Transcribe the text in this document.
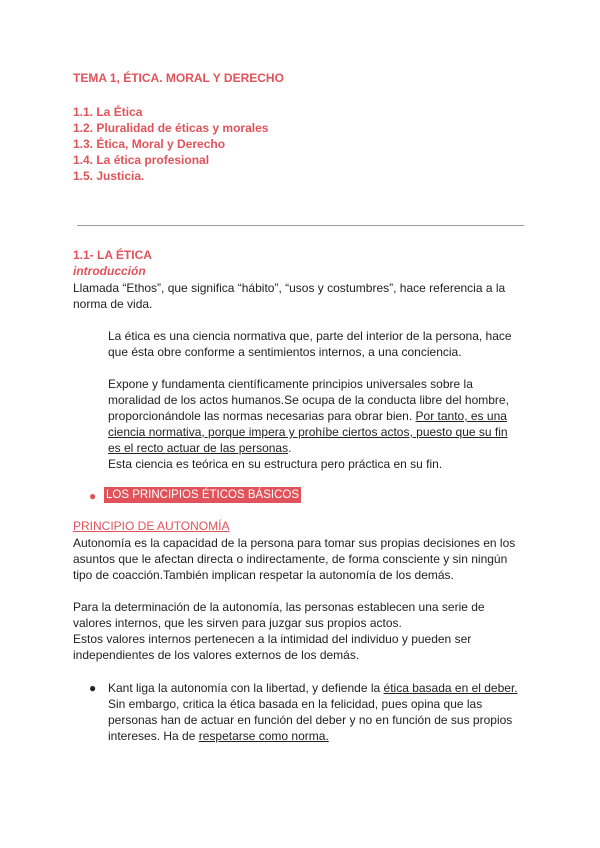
TEMA 1, ÉTICA. MORAL Y DERECHO
1.1. La Ética
1.2. Pluralidad de éticas y morales
1.3. Ética, Moral y Derecho
1.4. La ética profesional
1.5. Justicia.
1.1- LA ÉTICA
introducción
Llamada “Ethos”, que significa “hábito”, “usos y costumbres”, hace referencia a la
norma de vida.
La ética es una ciencia normativa que, parte del interior de la persona, hace
que ésta obre conforme a sentimientos internos, a una conciencia.
Expone y fundamenta científicamente principios universales sobre la
moralidad de los actos humanos.Se ocupa de la conducta libre del hombre,
proporcionándole las normas necesarias para obrar bien. Por tanto, es una
ciencia normativa, porque impera y prohíbe ciertos actos, puesto que su fin
es el recto actuar de las personas.
Esta ciencia es teórica en su estructura pero práctica en su fin.
● LOS PRINCIPIOS ÉTICOS BÁSICOS
PRINCIPIO DE AUTONOMÍA
Autonomía es la capacidad de la persona para tomar sus propias decisiones en los
asuntos que le afectan directa o indirectamente, de forma consciente y sin ningún
tipo de coacción.También implican respetar la autonomía de los demás.
Para la determinación de la autonomía, las personas establecen una serie de
valores internos, que les sirven para juzgar sus propios actos.
Estos valores internos pertenecen a la intimidad del individuo y pueden ser
independientes de los valores externos de los demás.
● Kant liga la autonomía con la libertad, y defiende la ética basada en el deber.
Sin embargo, critica la ética basada en la felicidad, pues opina que las
personas han de actuar en función del deber y no en función de sus propios
intereses. Ha de respetarse como norma.
